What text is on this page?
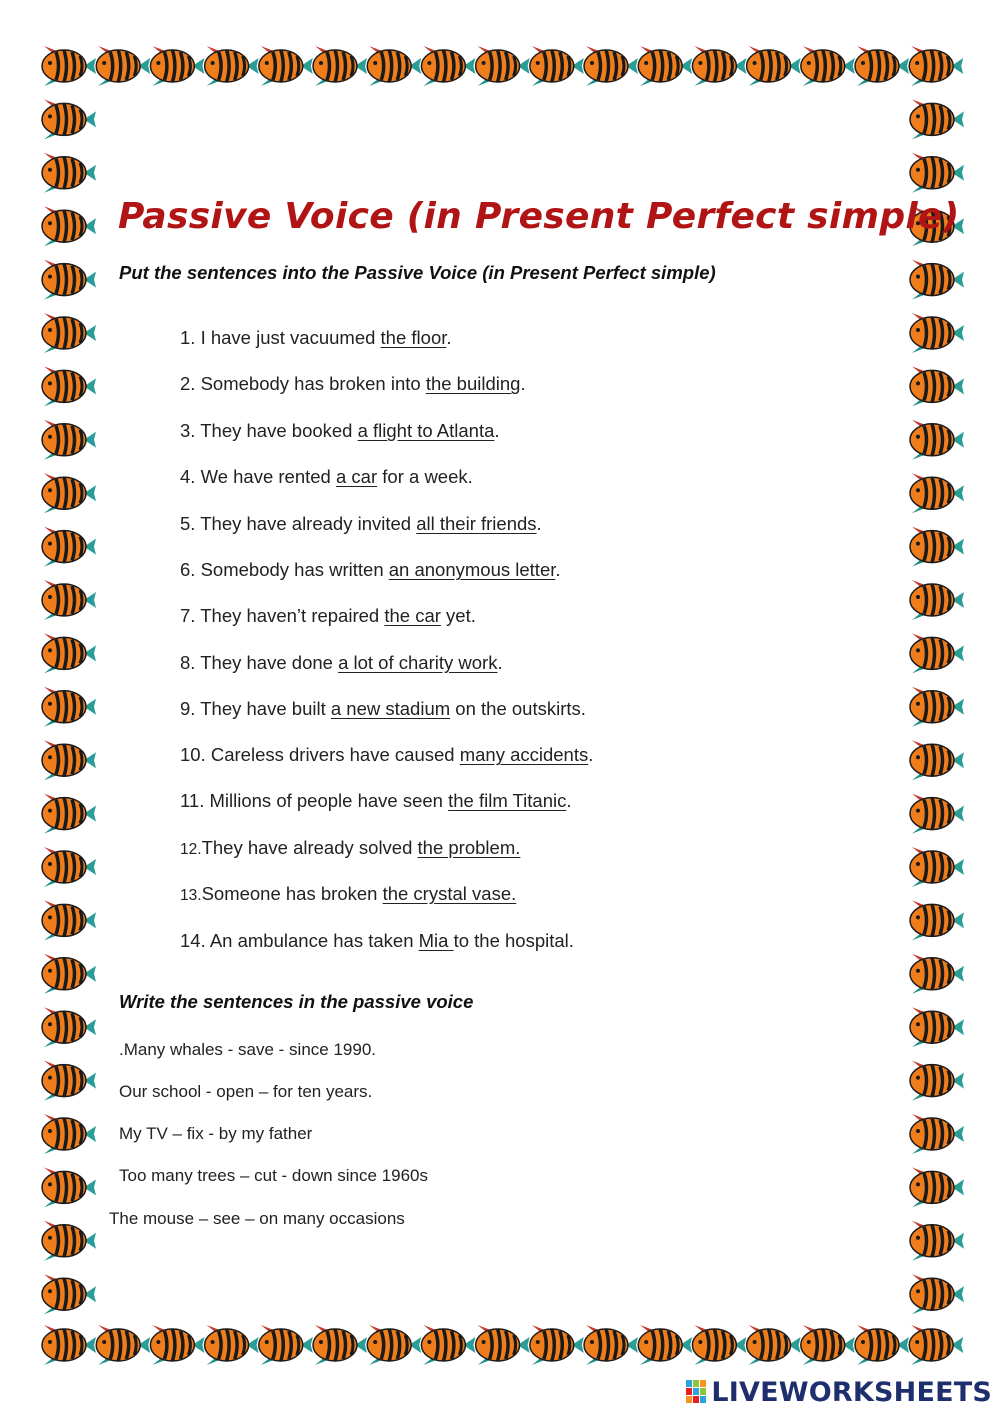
Passive Voice (in Present Perfect simple)

Put the sentences into the Passive Voice (in Present Perfect simple)

1. I have just vacuumed the floor.
2. Somebody has broken into the building.
3. They have booked a flight to Atlanta.
4. We have rented a car for a week.
5. They have already invited all their friends.
6. Somebody has written an anonymous letter.
7. They haven’t repaired the car yet.
8. They have done a lot of charity work.
9. They have built a new stadium on the outskirts.
10. Careless drivers have caused many accidents.
11. Millions of people have seen the film Titanic.
12.They have already solved the problem.
13.Someone has broken the crystal vase.
14. An ambulance has taken Mia to the hospital.

Write the sentences in the passive voice

.Many whales - save - since 1990.
Our school - open – for ten years.
My TV – fix - by my father
Too many trees – cut - down since 1960s
The mouse – see – on many occasions
LIVEWORKSHEETS
